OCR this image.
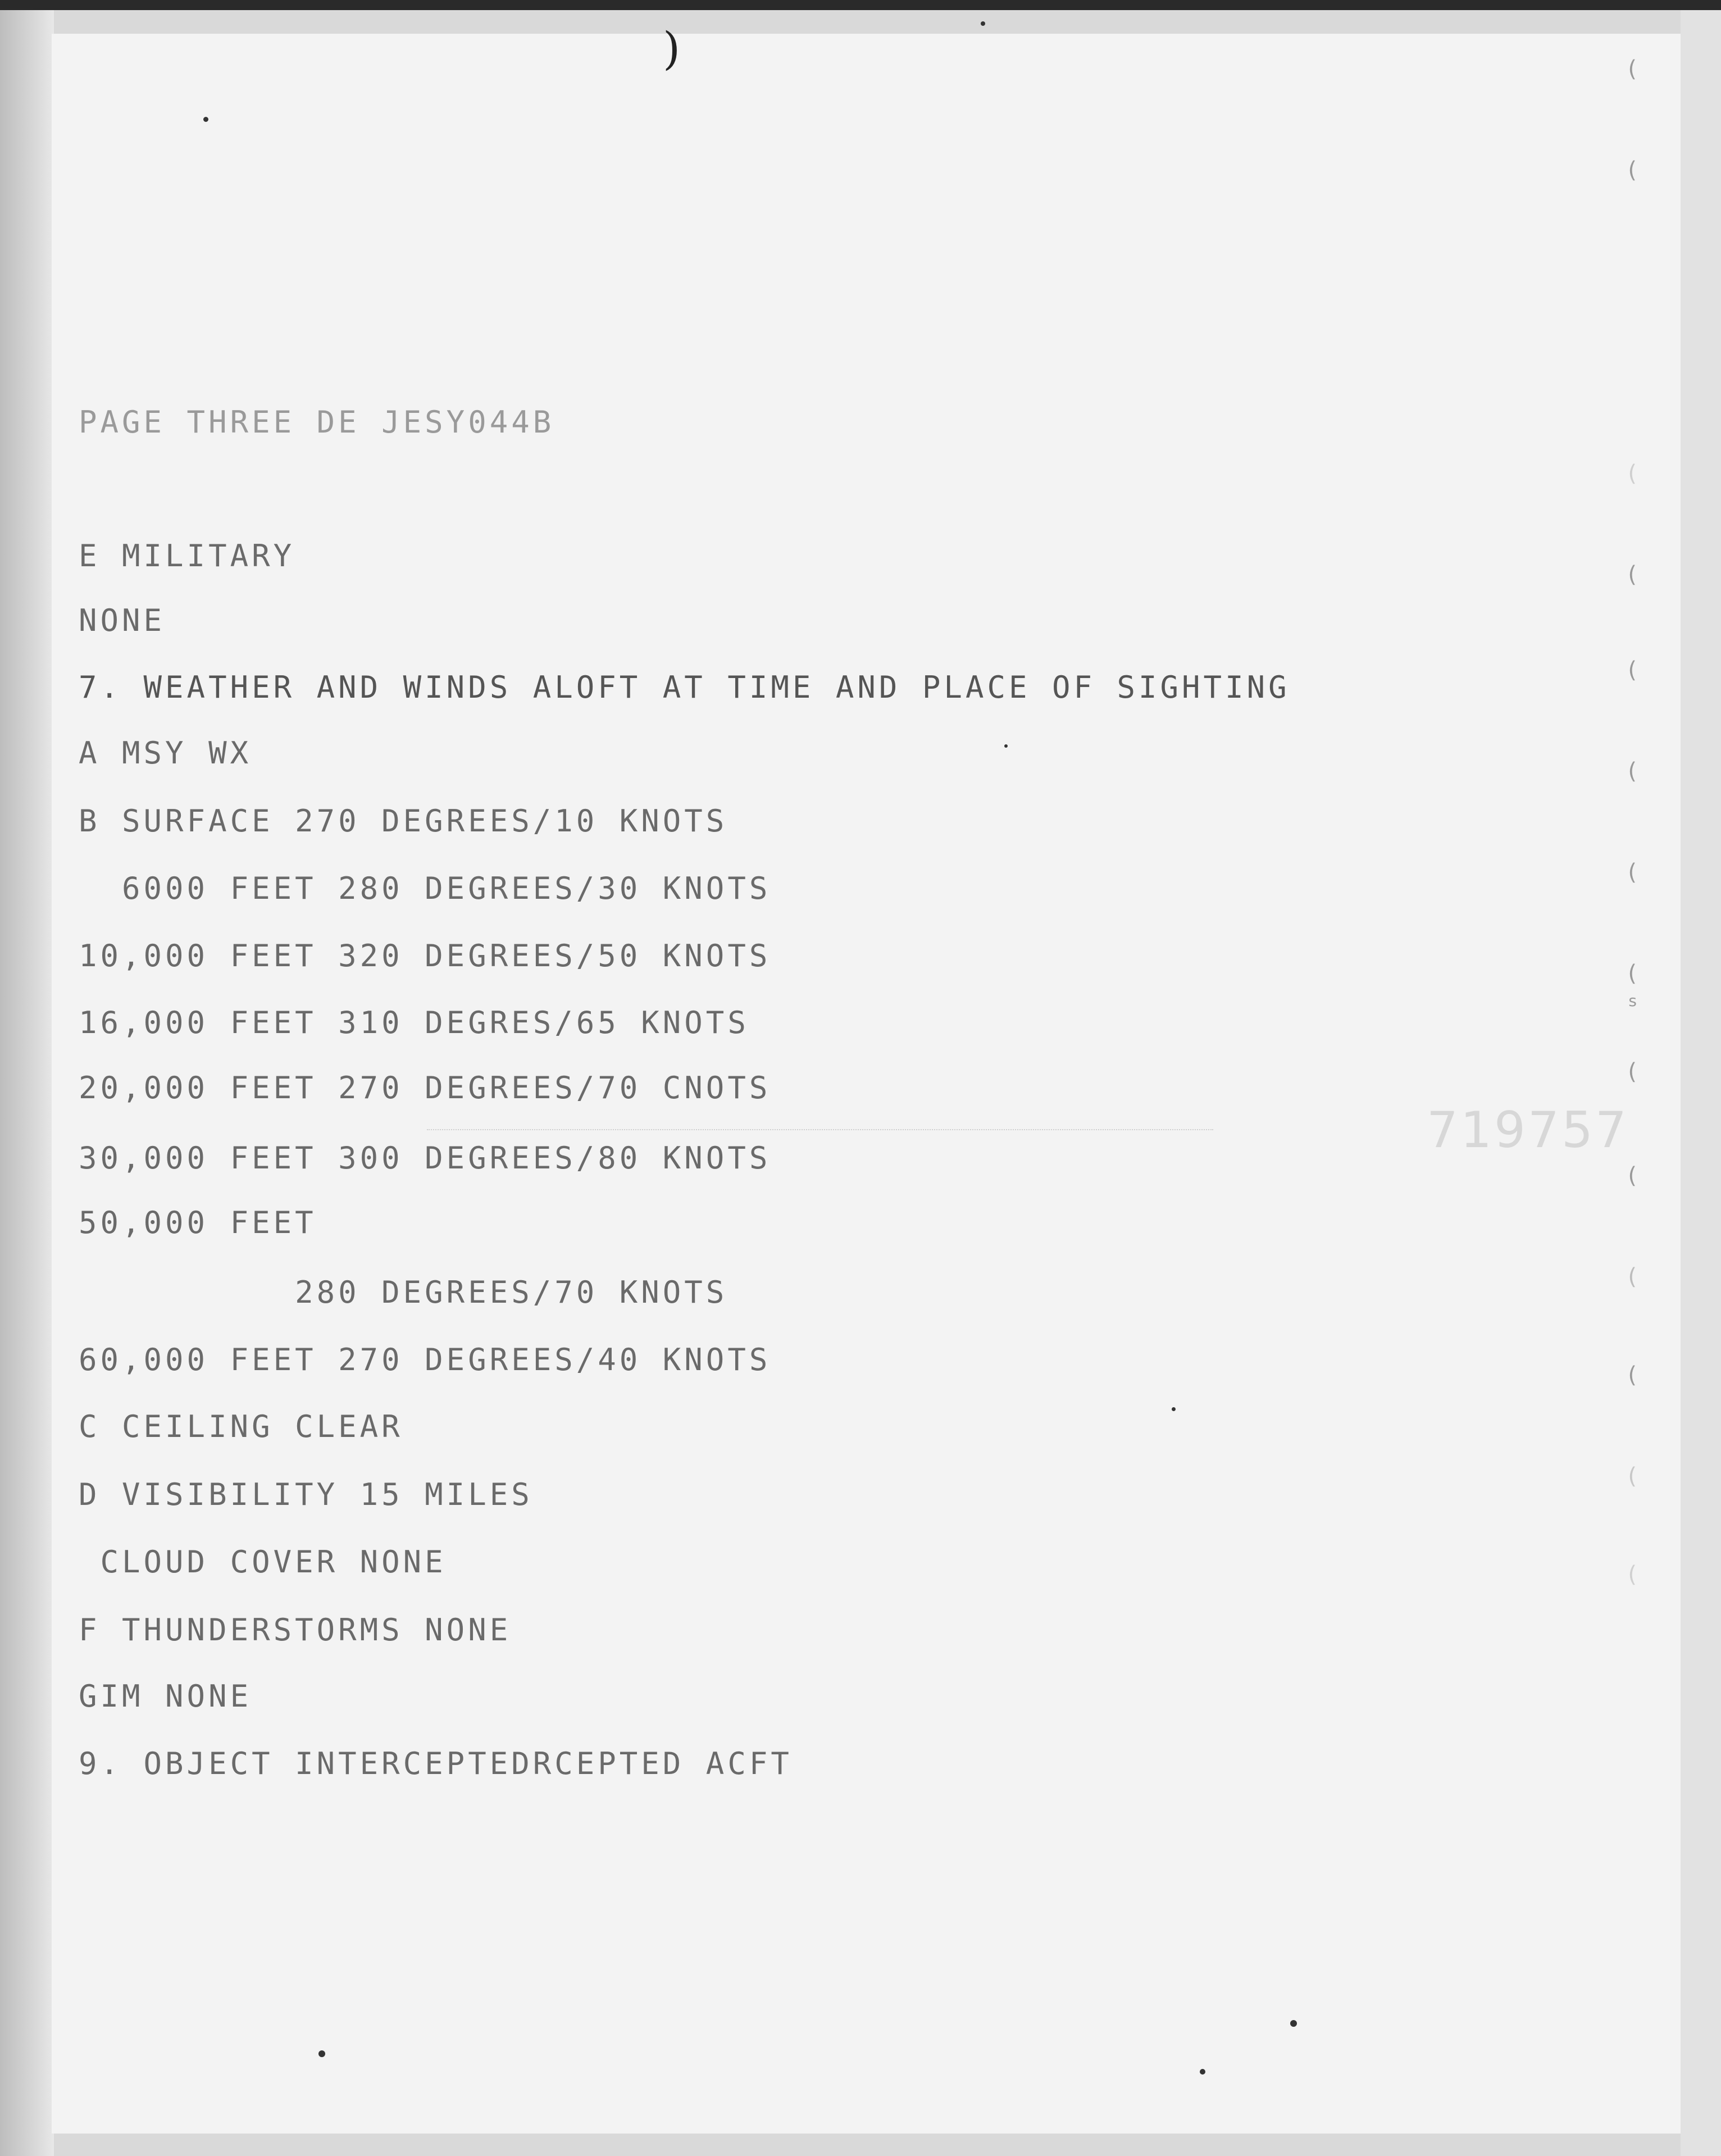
)
PAGE THREE DE JESY044B
E MILITARY
NONE
7. WEATHER AND WINDS ALOFT AT TIME AND PLACE OF SIGHTING
A MSY WX
B SURFACE 270 DEGREES/10 KNOTS
6000 FEET 280 DEGREES/30 KNOTS
10,000 FEET 320 DEGREES/50 KNOTS
16,000 FEET 310 DEGRES/65 KNOTS
20,000 FEET 270 DEGREES/70 CNOTS
30,000 FEET 300 DEGREES/80 KNOTS
50,000 FEET
280 DEGREES/70 KNOTS
60,000 FEET 270 DEGREES/40 KNOTS
C CEILING CLEAR
D VISIBILITY 15 MILES
CLOUD COVER NONE
F THUNDERSTORMS NONE
GIM NONE
9. OBJECT INTERCEPTEDRCEPTED ACFT
719757
s
(
(
(
(
(
(
(
(
(
(
(
(
(
(
